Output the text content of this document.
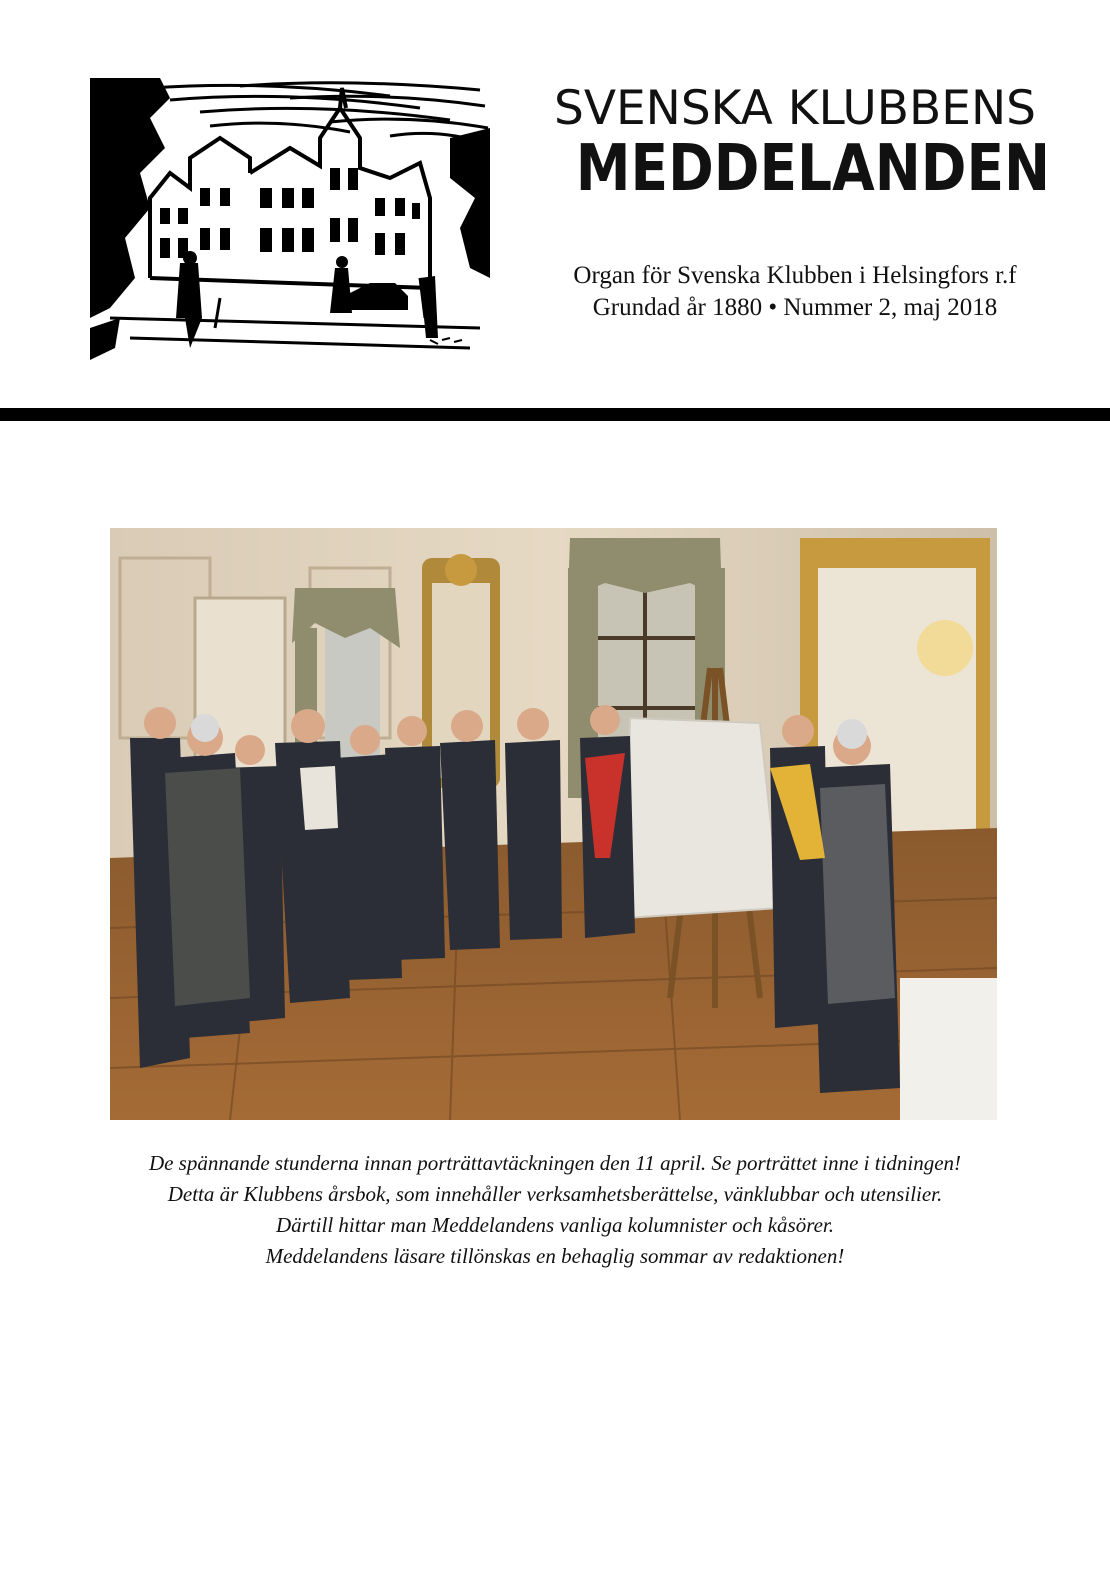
SVENSKA KLUBBENS
MEDDELANDEN
Organ för Svenska Klubben i Helsingfors r.f
Grundad år 1880 • Nummer 2, maj 2018
De spännande stunderna innan porträttavtäckningen den 11 april. Se porträttet inne i tidningen!
Detta är Klubbens årsbok, som innehåller verksamhetsberättelse, vänklubbar och utensilier.
Därtill hittar man Meddelandens vanliga kolumnister och kåsörer.
Meddelandens läsare tillönskas en behaglig sommar av redaktionen!
